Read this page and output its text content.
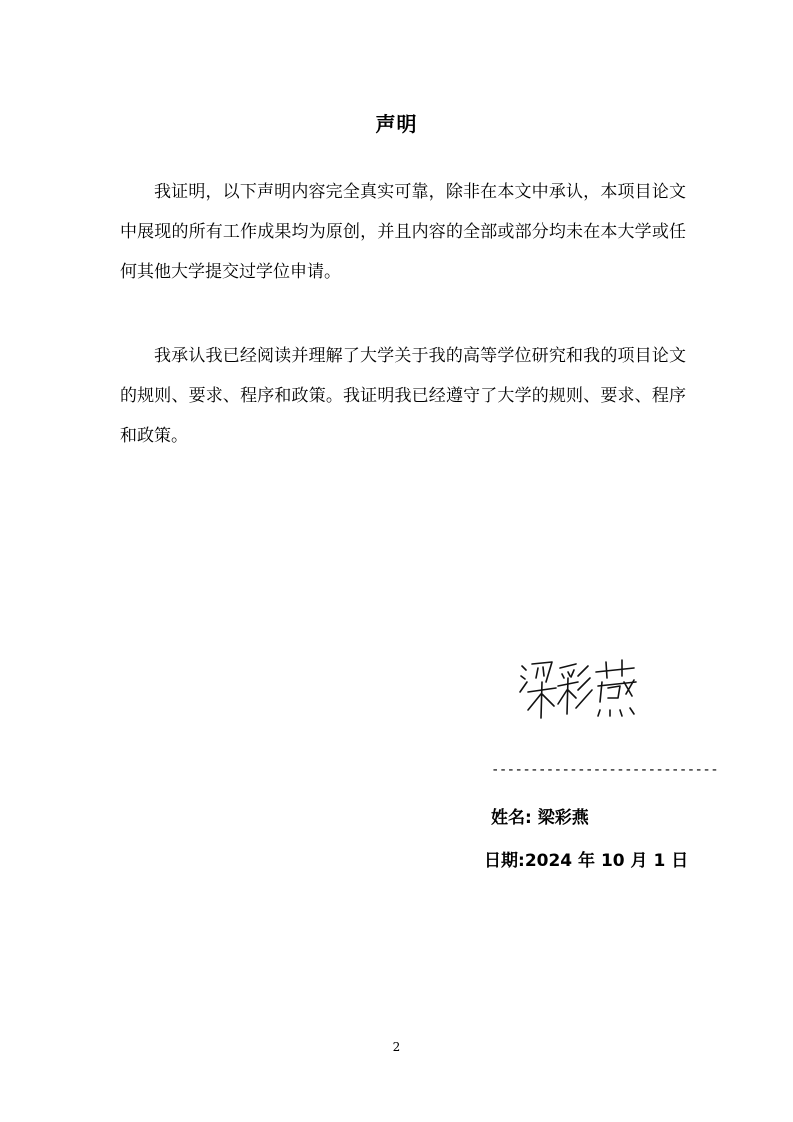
声明

我证明，以下声明内容完全真实可靠，除非在本文中承认，本项目论文中展现的所有工作成果均为原创，并且内容的全部或部分均未在本大学或任何其他大学提交过学位申请。

我承认我已经阅读并理解了大学关于我的高等学位研究和我的项目论文的规则、要求、程序和政策。我证明我已经遵守了大学的规则、要求、程序和政策。

-----------------------------
姓名: 梁彩燕
日期:2024 年 10 月 1 日
2
